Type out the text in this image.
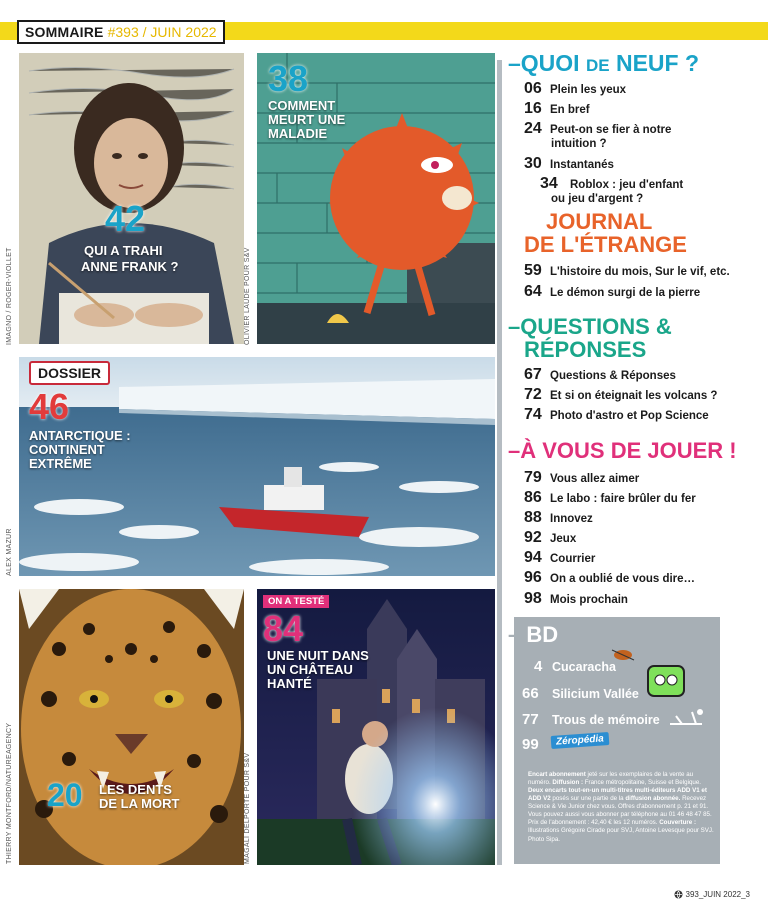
SOMMAIRE #393 / JUIN 2022
42
QUI A TRAHI
ANNE FRANK ?
IMAGNO / ROGER-VIOLLET
38
COMMENT
MEURT UNE
MALADIE
OLIVIER LAUDE POUR S&V
DOSSIER
46
ANTARCTIQUE :
CONTINENT
EXTRÊME
ALEX MAZUR
20 LES DENTS
DE LA MORT
THIERRY MONTFORD/NATUREAGENCY
ON A TESTÉ
84
UNE NUIT DANS
UN CHÂTEAU
HANTÉ
MAGALI DELPORTE POUR S&V
–QUOI DE NEUF ?
06 Plein les yeux
16 En bref
24 Peut-on se fier à notre
intuition ?
30 Instantanés
34	Roblox : jeu d'enfant
ou jeu d'argent ?
JOURNAL
DE L'ÉTRANGE
59 L'histoire du mois, Sur le vif, etc.
64 Le démon surgi de la pierre
–QUESTIONS &
RÉPONSES
67 Questions & Réponses
72 Et si on éteignait les volcans ?
74 Photo d'astro et Pop Science
–À VOUS DE JOUER !
79 Vous allez aimer
86 Le labo : faire brûler du fer
88 Innovez
92 Jeux
94 Courrier
96 On a oublié de vous dire…
98 Mois prochain
– BD
4 Cucaracha
66	Silicium Vallée
77	Trous de mémoire
99	Zéropédia
Encart abonnement jeté sur les exemplaires de la vente au numéro. Diffusion : France métropolitaine, Suisse et Belgique. Deux encarts tout-en-un multi-titres multi-éditeurs ADD V1 et ADD V2 posés sur une partie de la diffusion abonnée. Recevez Science & Vie Junior chez vous. Offres d'abonnement p. 21 et 91. Vous pouvez aussi vous abonner par téléphone au 01 46 48 47 85. Prix de l'abonnement : 42,40 € les 12 numéros. Couverture : Illustrations Grégoire Cirade pour SVJ, Antoine Levesque pour SVJ. Photo Sipa.
393_JUIN 2022_3
